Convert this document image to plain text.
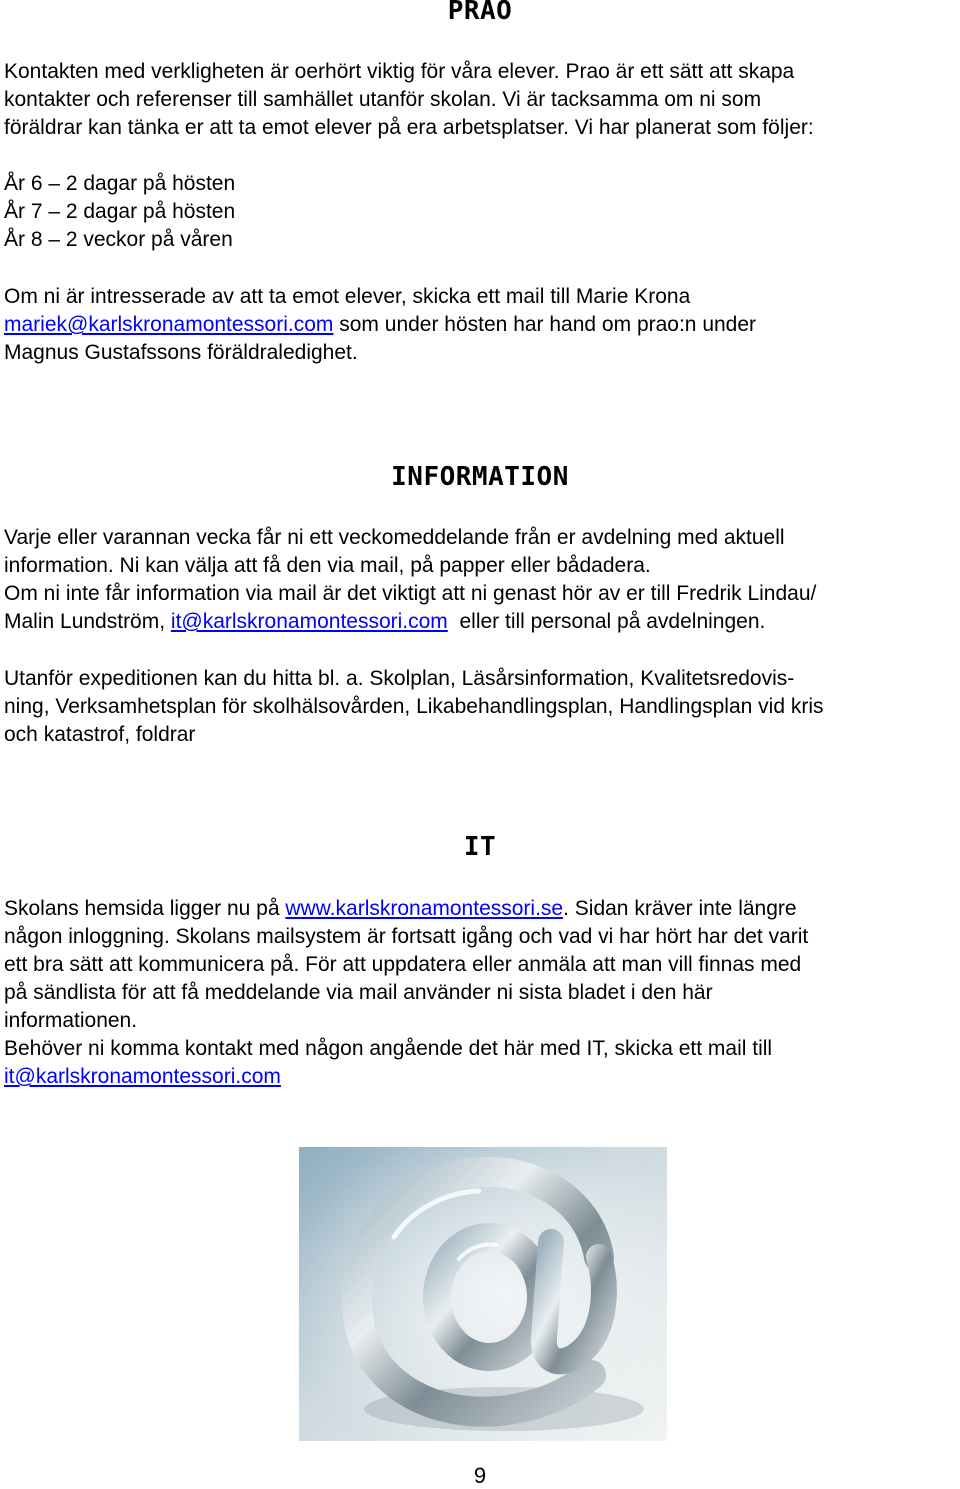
PRAO
Kontakten med verkligheten är oerhört viktig för våra elever. Prao är ett sätt att skapa
kontakter och referenser till samhället utanför skolan. Vi är tacksamma om ni som
föräldrar kan tänka er att ta emot elever på era arbetsplatser. Vi har planerat som följer:
År 6 – 2 dagar på hösten
År 7 – 2 dagar på hösten
År 8 – 2 veckor på våren
Om ni är intresserade av att ta emot elever, skicka ett mail till Marie Krona
mariek@karlskronamontessori.com som under hösten har hand om prao:n under
Magnus Gustafssons föräldraledighet.
INFORMATION
Varje eller varannan vecka får ni ett veckomeddelande från er avdelning med aktuell
information. Ni kan välja att få den via mail, på papper eller bådadera.
Om ni inte får information via mail är det viktigt att ni genast hör av er till Fredrik Lindau/
Malin Lundström, it@karlskronamontessori.com  eller till personal på avdelningen.
Utanför expeditionen kan du hitta bl. a. Skolplan, Läsårsinformation, Kvalitetsredovis-
ning, Verksamhetsplan för skolhälsovården, Likabehandlingsplan, Handlingsplan vid kris
och katastrof, foldrar
IT
Skolans hemsida ligger nu på www.karlskronamontessori.se. Sidan kräver inte längre
någon inloggning. Skolans mailsystem är fortsatt igång och vad vi har hört har det varit
ett bra sätt att kommunicera på. För att uppdatera eller anmäla att man vill finnas med
på sändlista för att få meddelande via mail använder ni sista bladet i den här
informationen.
Behöver ni komma kontakt med någon angående det här med IT, skicka ett mail till
it@karlskronamontessori.com
9
